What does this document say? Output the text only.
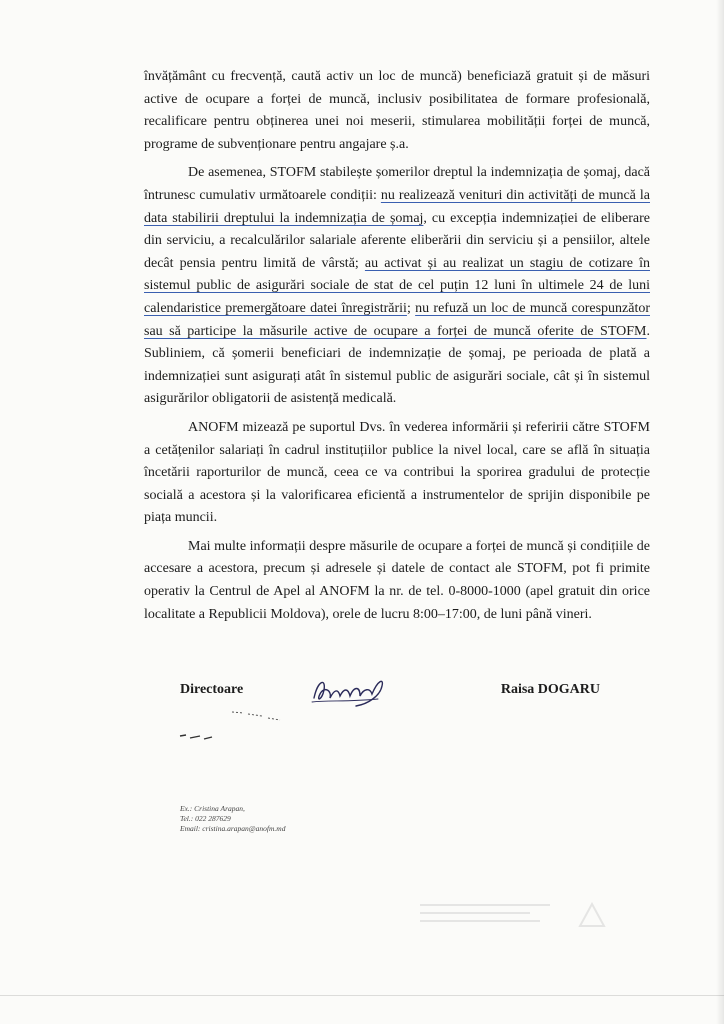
învățământ cu frecvență, caută activ un loc de muncă) beneficiază gratuit și de măsuri active de ocupare a forței de muncă, inclusiv posibilitatea de formare profesională, recalificare pentru obținerea unei noi meserii, stimularea mobilității forței de muncă, programe de subvenționare pentru angajare ș.a.

De asemenea, STOFM stabilește șomerilor dreptul la indemnizația de șomaj, dacă întrunesc cumulativ următoarele condiții: nu realizează venituri din activități de muncă la data stabilirii dreptului la indemnizația de șomaj, cu excepția indemnizației de eliberare din serviciu, a recalculărilor salariale aferente eliberării din serviciu și a pensiilor, altele decât pensia pentru limită de vârstă; au activat și au realizat un stagiu de cotizare în sistemul public de asigurări sociale de stat de cel puțin 12 luni în ultimele 24 de luni calendaristice premergătoare datei înregistrării; nu refuză un loc de muncă corespunzător sau să participe la măsurile active de ocupare a forței de muncă oferite de STOFM. Subliniem, că șomerii beneficiari de indemnizație de șomaj, pe perioada de plată a indemnizației sunt asigurați atât în sistemul public de asigurări sociale, cât și în sistemul asigurărilor obligatorii de asistență medicală.

ANOFM mizează pe suportul Dvs. în vederea informării și referirii către STOFM a cetățenilor salariați în cadrul instituțiilor publice la nivel local, care se află în situația încetării raporturilor de muncă, ceea ce va contribui la sporirea gradului de protecție socială a acestora și la valorificarea eficientă a instrumentelor de sprijin disponibile pe piața muncii.

Mai multe informații despre măsurile de ocupare a forței de muncă și condițiile de accesare a acestora, precum și adresele și datele de contact ale STOFM, pot fi primite operativ la Centrul de Apel al ANOFM la nr. de tel. 0-8000-1000 (apel gratuit din orice localitate a Republicii Moldova), orele de lucru 8:00–17:00, de luni până vineri.

Directoare	Raisa DOGARU
Ex.: Cristina Arapan,
Tel.: 022 287629
Email: cristina.arapan@anofm.md
